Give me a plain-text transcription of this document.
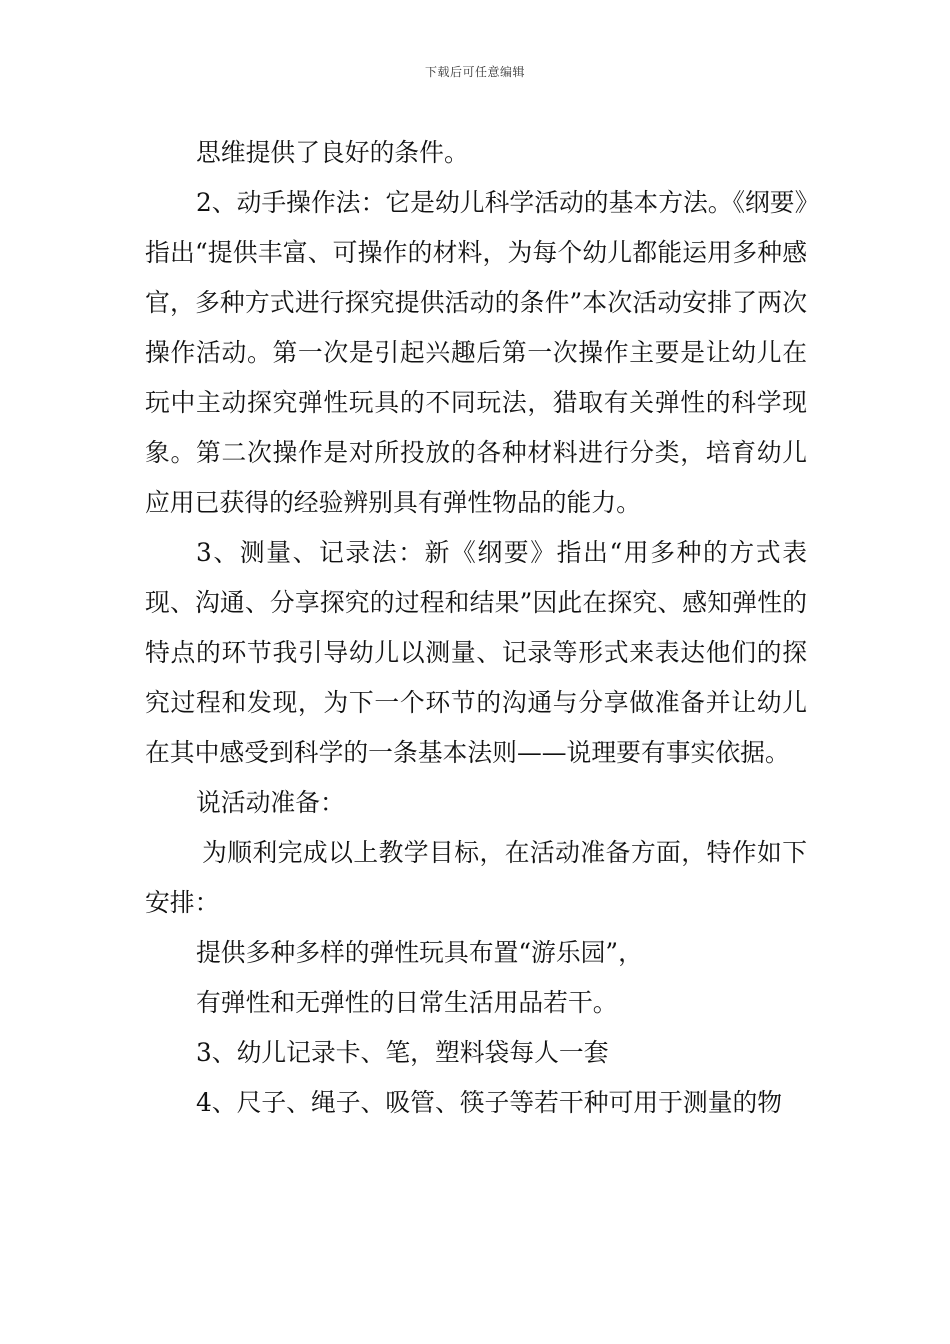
下载后可任意编辑

思维提供了良好的条件。

2、动手操作法：它是幼儿科学活动的基本方法。《纲要》指出“提供丰富、可操作的材料，为每个幼儿都能运用多种感官，多种方式进行探究提供活动的条件”本次活动安排了两次操作活动。第一次是引起兴趣后第一次操作主要是让幼儿在玩中主动探究弹性玩具的不同玩法，猎取有关弹性的科学现象。第二次操作是对所投放的各种材料进行分类，培育幼儿应用已获得的经验辨别具有弹性物品的能力。

3、测量、记录法：新《纲要》指出“用多种的方式表现、沟通、分享探究的过程和结果”因此在探究、感知弹性的特点的环节我引导幼儿以测量、记录等形式来表达他们的探究过程和发现，为下一个环节的沟通与分享做准备并让幼儿在其中感受到科学的一条基本法则——说理要有事实依据。

说活动准备：

为顺利完成以上教学目标，在活动准备方面，特作如下安排：

提供多种多样的弹性玩具布置“游乐园”，

有弹性和无弹性的日常生活用品若干。

3、幼儿记录卡、笔，塑料袋每人一套

4、尺子、绳子、吸管、筷子等若干种可用于测量的物
